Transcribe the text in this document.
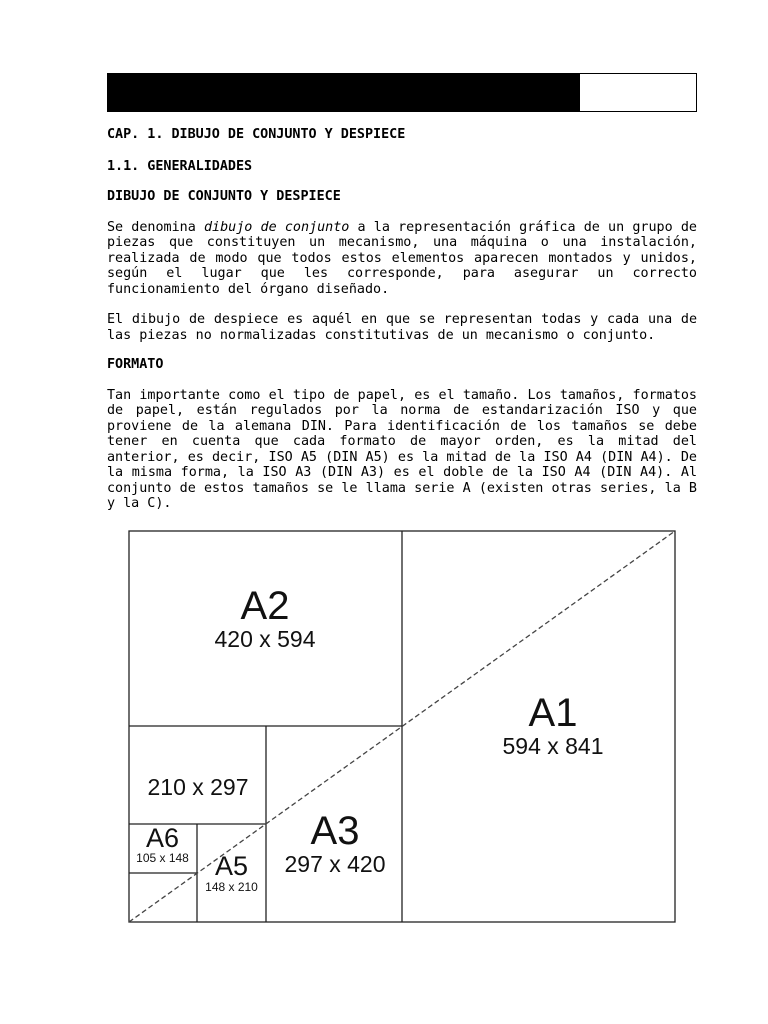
CAP. 1. DIBUJO DE CONJUNTO Y DESPIECE
1.1. GENERALIDADES
DIBUJO DE CONJUNTO Y DESPIECE

Se denomina dibujo de conjunto a la representación gráfica de un grupo de piezas que constituyen un mecanismo, una máquina o una instalación, realizada de modo que todos estos elementos aparecen montados y unidos, según el lugar que les corresponde, para asegurar un correcto funcionamiento del órgano diseñado.

El dibujo de despiece es aquél en que se representan todas y cada una de las piezas no normalizadas constitutivas de un mecanismo o conjunto.

FORMATO

Tan importante como el tipo de papel, es el tamaño. Los tamaños, formatos de papel, están regulados por la norma de estandarización ISO y que proviene de la alemana DIN. Para identificación de los tamaños se debe tener en cuenta que cada formato de mayor orden, es la mitad del anterior, es decir, ISO A5 (DIN A5) es la mitad de la ISO A4 (DIN A4). De la misma forma, la ISO A3 (DIN A3) es el doble de la ISO A4 (DIN A4). Al conjunto de estos tamaños se le llama serie A (existen otras series, la B y la C).

A2
420 x 594
A1
594 x 841
A3
297 x 420
210 x 297
A6
105 x 148 A5
148 x 210
